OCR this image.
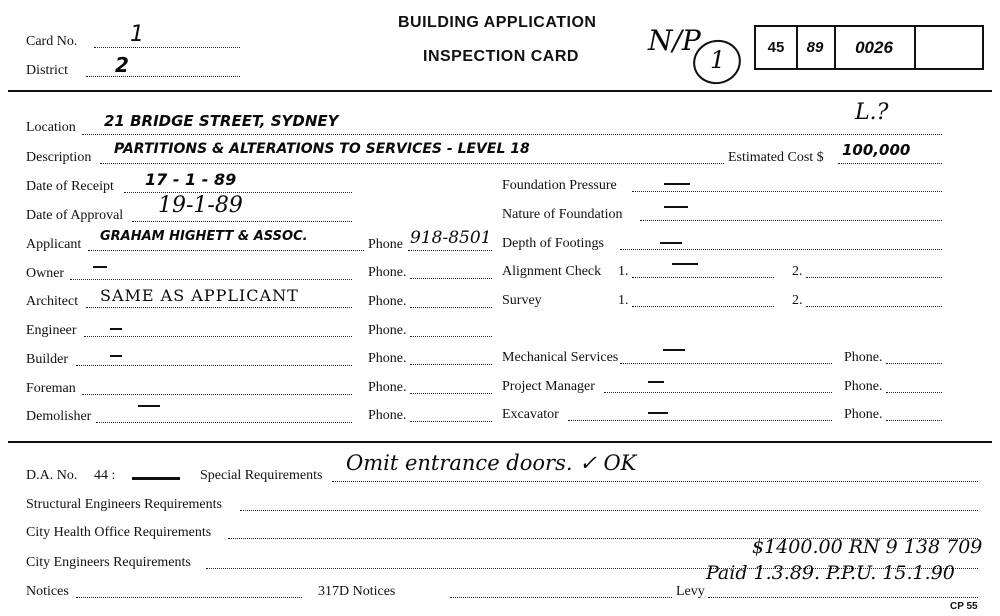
Card No. 1
District 2
BUILDING APPLICATION
INSPECTION CARD N/P
1	45	89	0026
Location 21 BRIDGE STREET, SYDNEY	L.?
Description
PARTITIONS & ALTERATIONS TO SERVICES - LEVEL 18
Estimated Cost $ 100,000
Date of Receipt 17 - 1 - 89	Foundation Pressure
Date of Approval 19-1-89	Nature of Foundation
Applicant
GRAHAM HIGHETT & ASSOC.
Phone 918-8501 Depth of Footings
Owner	Phone.	Alignment Check 1.	2.
Architect SAME AS APPLICANT	Phone.	Survey	1.	2.
Engineer	Phone.
Builder	Phone.	Mechanical Services	Phone.
Foreman	Phone.	Project Manager	Phone.
Demolisher	Phone.	Excavator	Phone.
D.A. No. 44 :	Special Requirements
Omit entrance doors. ✓ OK
Structural Engineers Requirements
City Health Office Requirements
City Engineers Requirements
$1400.00 RN 9 138 709
Notices	317D Notices	Levy
Paid 1.3.89. P.P.U. 15.1.90
CP 55
